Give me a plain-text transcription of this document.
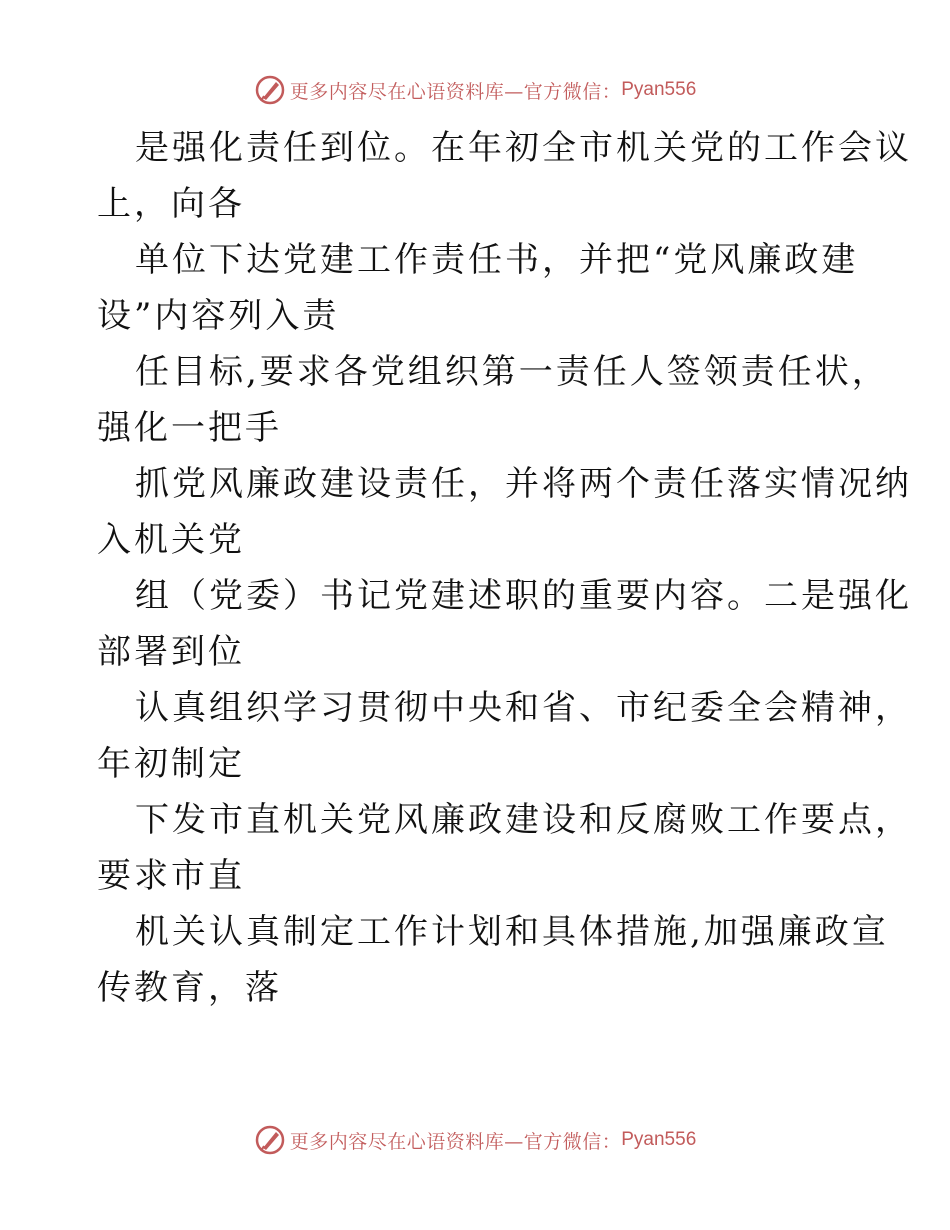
更多内容尽在心语资料库—官方微信： Pyan556
是强化责任到位。在年初全市机关党的工作会议
上，向各
单位下达党建工作责任书，并把“党风廉政建
设”内容列入责
任目标,要求各党组织第一责任人签领责任状，
强化一把手
抓党风廉政建设责任，并将两个责任落实情况纳
入机关党
组（党委）书记党建述职的重要内容。二是强化
部署到位
认真组织学习贯彻中央和省、市纪委全会精神，
年初制定
下发市直机关党风廉政建设和反腐败工作要点，
要求市直
机关认真制定工作计划和具体措施,加强廉政宣
传教育，落
更多内容尽在心语资料库—官方微信： Pyan556
